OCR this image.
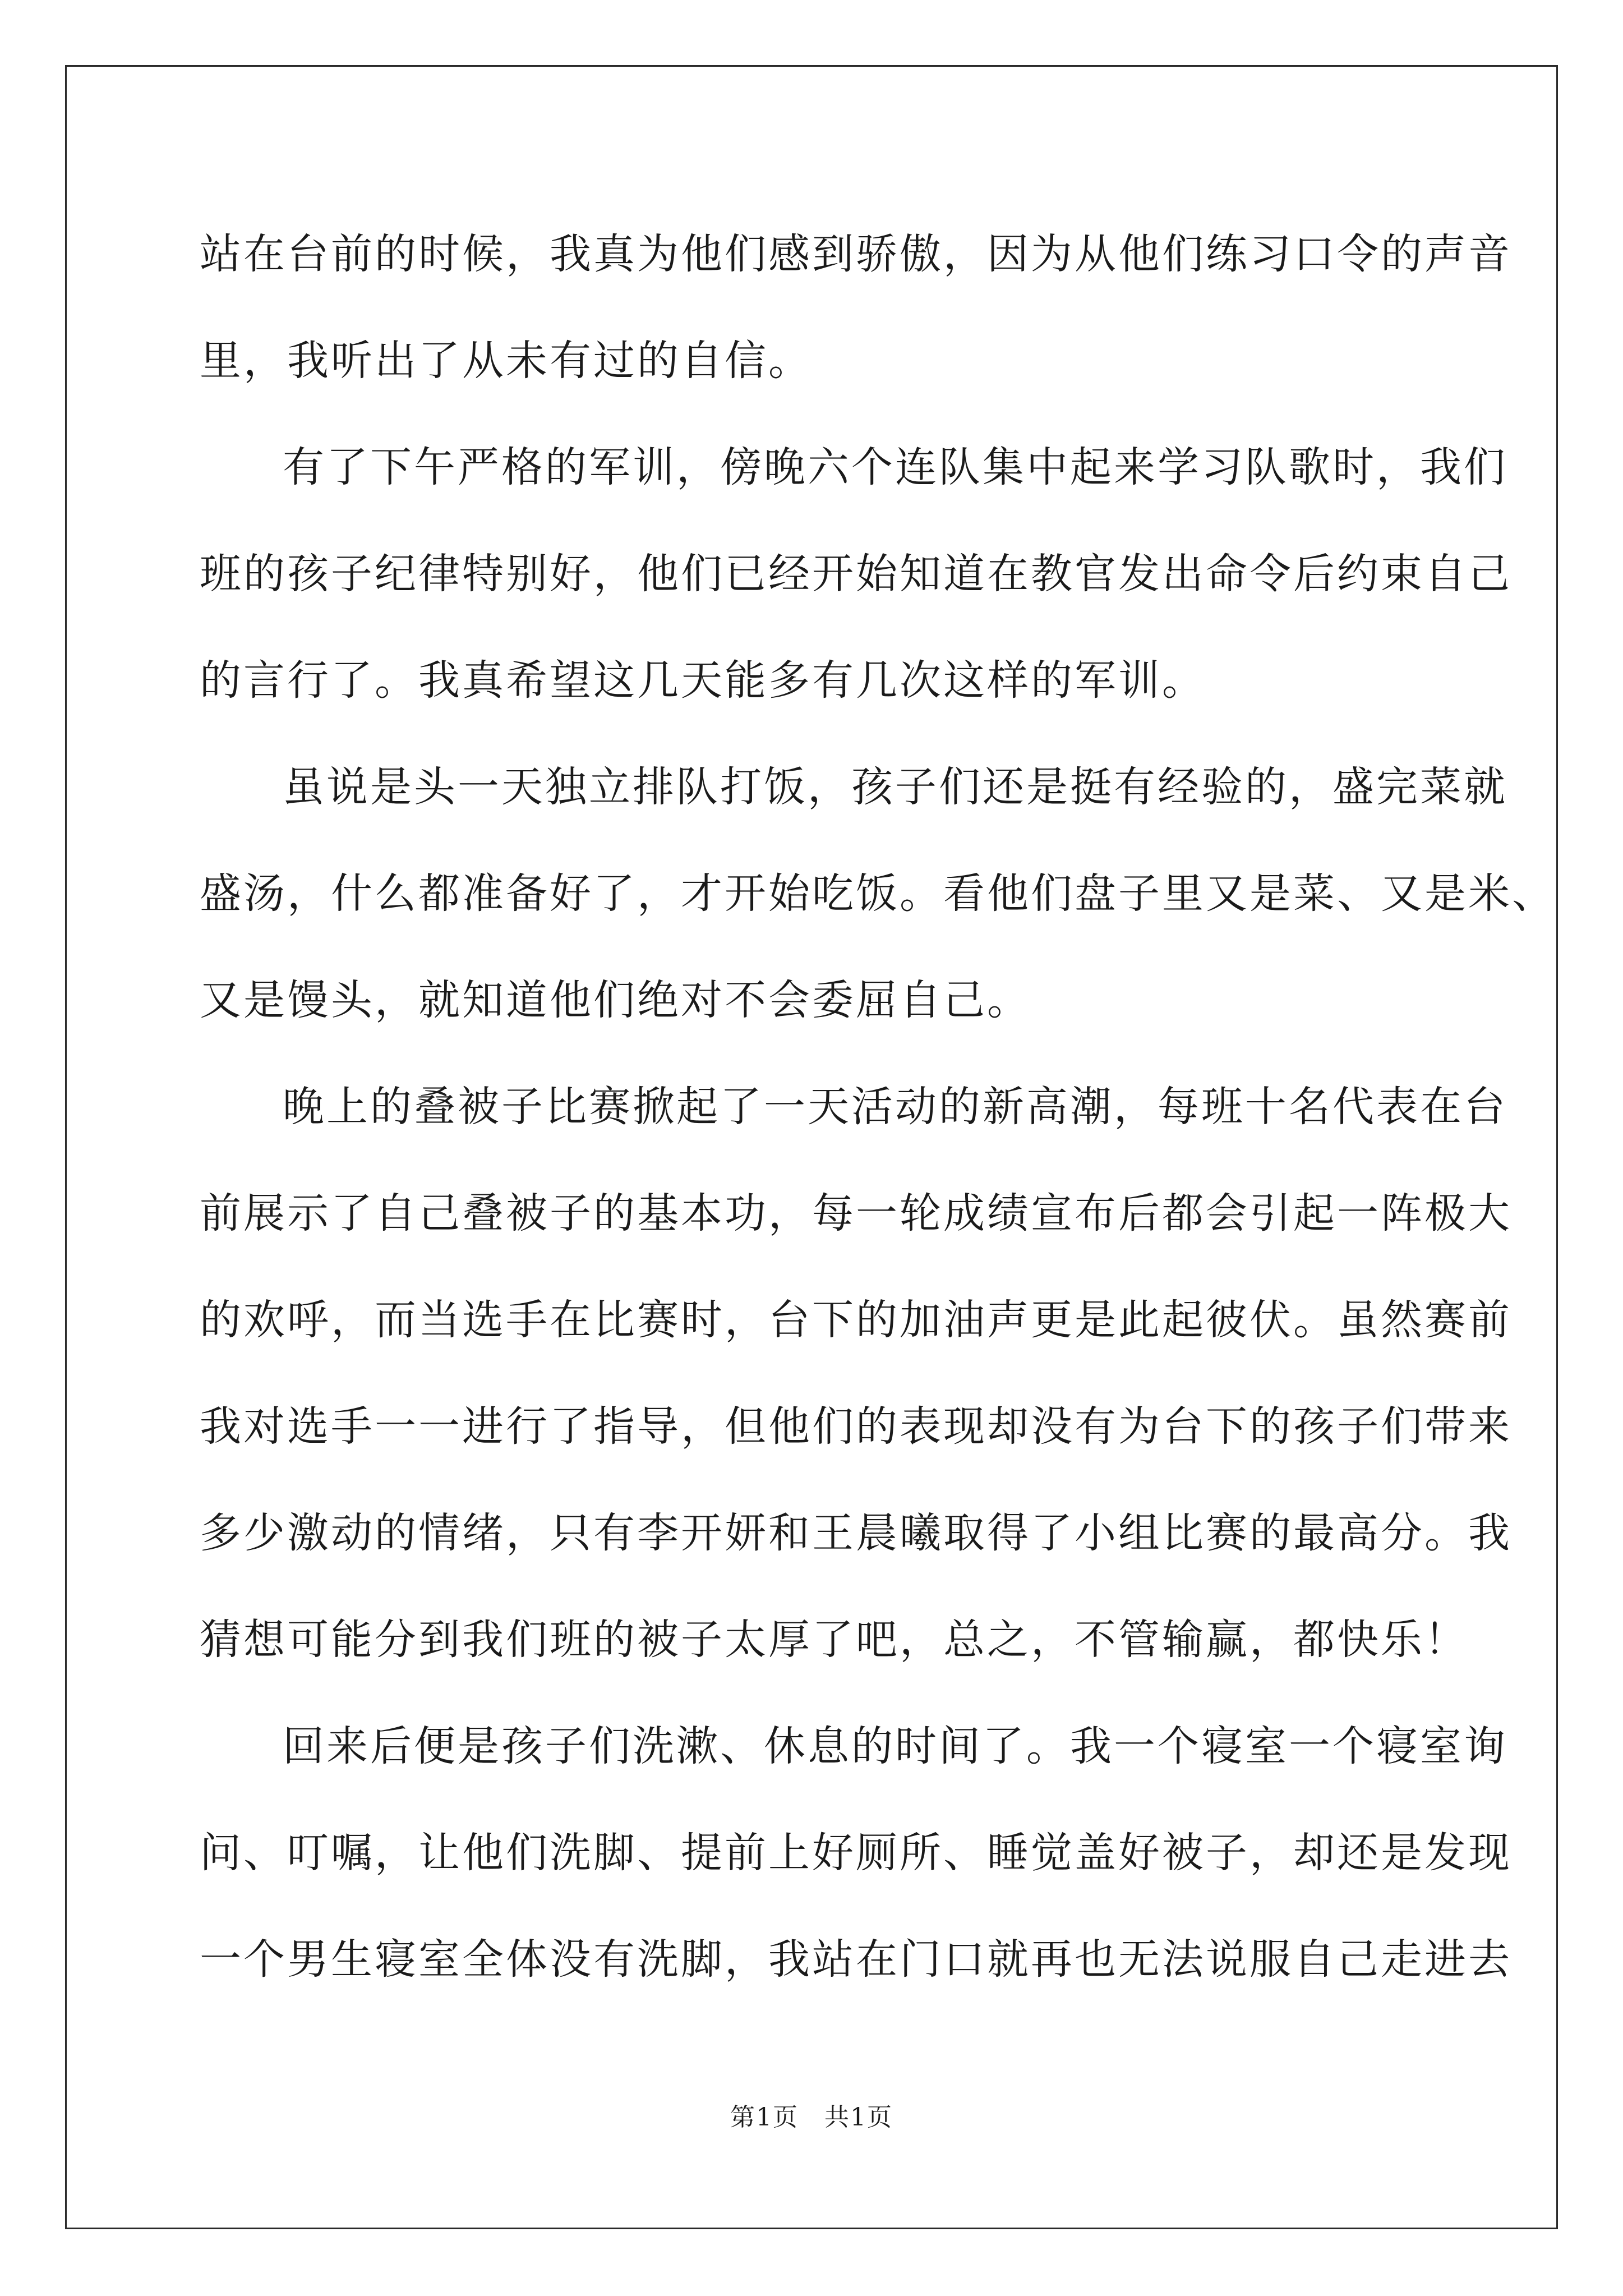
站在台前的时候，我真为他们感到骄傲，因为从他们练习口令的声音
里，我听出了从未有过的自信。
有了下午严格的军训，傍晚六个连队集中起来学习队歌时，我们
班的孩子纪律特别好，他们已经开始知道在教官发出命令后约束自己
的言行了。我真希望这几天能多有几次这样的军训。
虽说是头一天独立排队打饭，孩子们还是挺有经验的，盛完菜就
盛汤，什么都准备好了，才开始吃饭。看他们盘子里又是菜、又是米、
又是馒头，就知道他们绝对不会委屈自己。
晚上的叠被子比赛掀起了一天活动的新高潮，每班十名代表在台
前展示了自己叠被子的基本功，每一轮成绩宣布后都会引起一阵极大
的欢呼，而当选手在比赛时，台下的加油声更是此起彼伏。虽然赛前
我对选手一一进行了指导，但他们的表现却没有为台下的孩子们带来
多少激动的情绪，只有李开妍和王晨曦取得了小组比赛的最高分。我
猜想可能分到我们班的被子太厚了吧，总之，不管输赢，都快乐！
回来后便是孩子们洗漱、休息的时间了。我一个寝室一个寝室询
问、叮嘱，让他们洗脚、提前上好厕所、睡觉盖好被子，却还是发现
一个男生寝室全体没有洗脚，我站在门口就再也无法说服自己走进去
第1页 共1页
